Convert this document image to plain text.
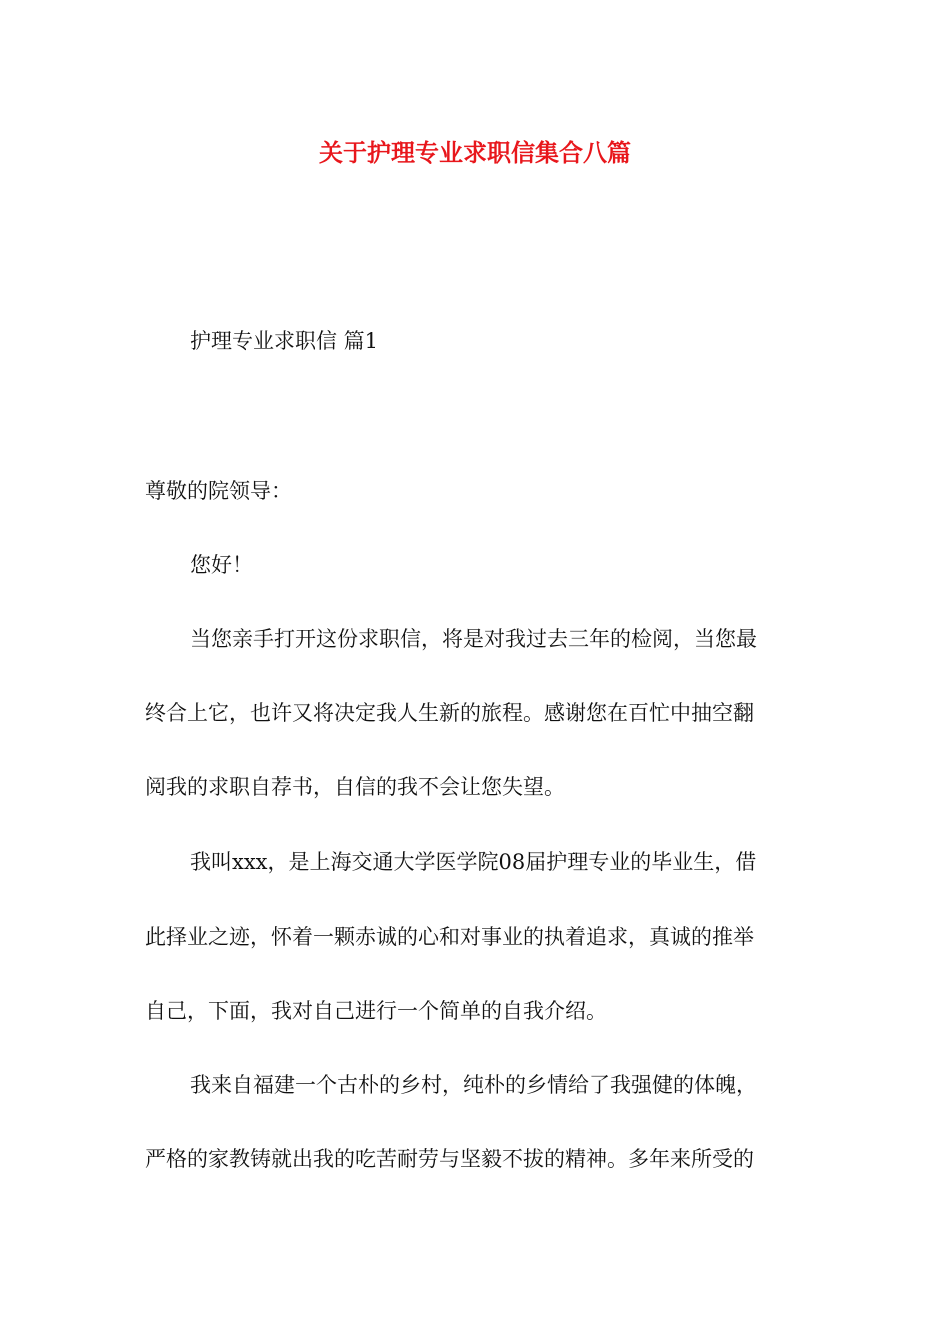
关于护理专业求职信集合八篇
护理专业求职信 篇1
尊敬的院领导：
您好！
当您亲手打开这份求职信，将是对我过去三年的检阅，当您最
终合上它，也许又将决定我人生新的旅程。感谢您在百忙中抽空翻
阅我的求职自荐书，自信的我不会让您失望。
我叫xxx，是上海交通大学医学院08届护理专业的毕业生，借
此择业之迹，怀着一颗赤诚的心和对事业的执着追求，真诚的推举
自己，下面，我对自己进行一个简单的自我介绍。
我来自福建一个古朴的乡村，纯朴的乡情给了我强健的体魄，
严格的家教铸就出我的吃苦耐劳与坚毅不拔的精神。多年来所受的
